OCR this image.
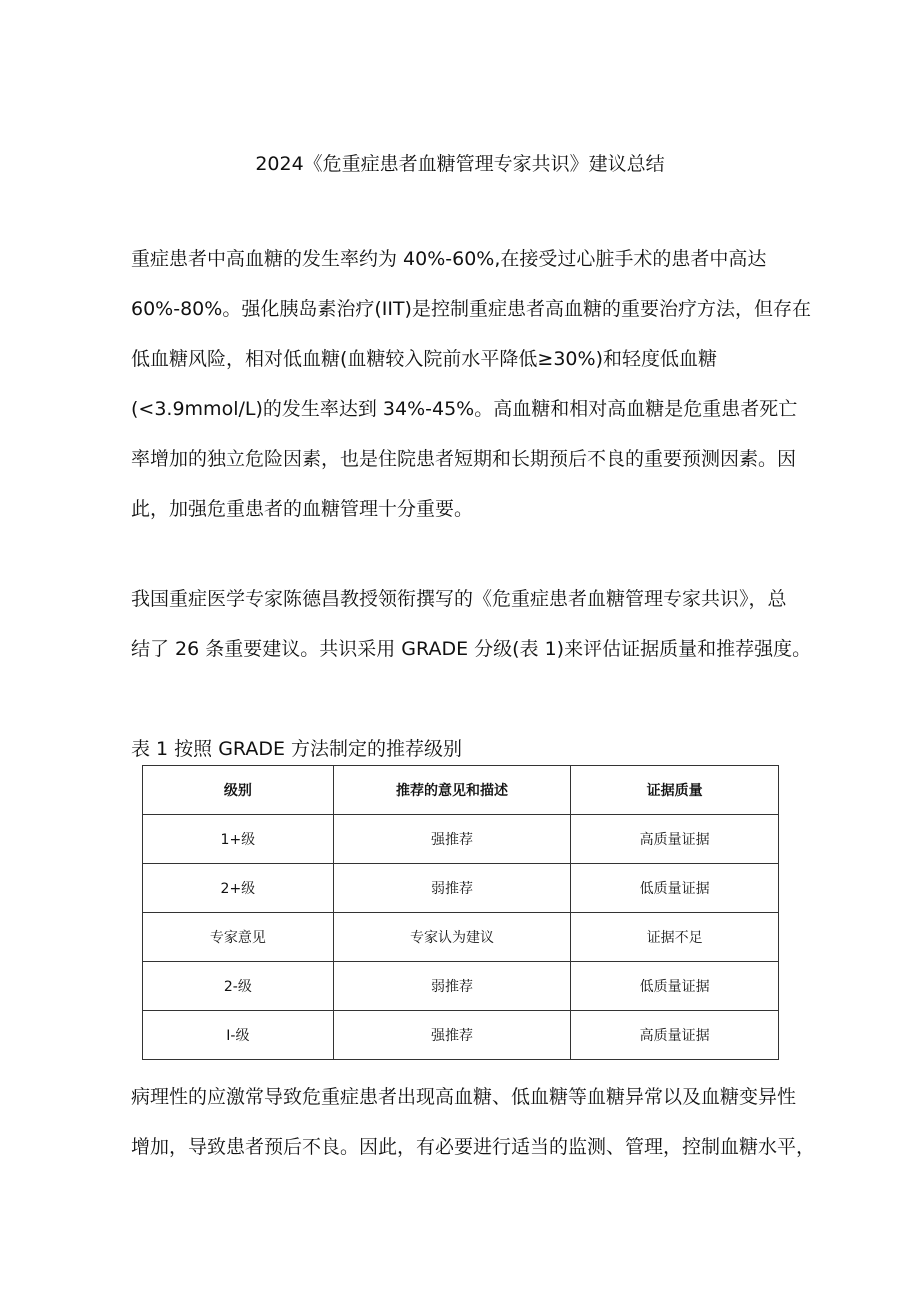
2024《危重症患者血糖管理专家共识》建议总结

重症患者中高血糖的发生率约为 40%-60%,在接受过心脏手术的患者中高达
60%-80%。强化胰岛素治疗(IIT)是控制重症患者高血糖的重要治疗方法，但存在
低血糖风险，相对低血糖(血糖较入院前水平降低≥30%)和轻度低血糖
(<3.9mmol/L)的发生率达到 34%-45%。高血糖和相对高血糖是危重患者死亡
率增加的独立危险因素，也是住院患者短期和长期预后不良的重要预测因素。因
此，加强危重患者的血糖管理十分重要。

我国重症医学专家陈德昌教授领衔撰写的《危重症患者血糖管理专家共识》，总
结了 26 条重要建议。共识采用 GRADE 分级(表 1)来评估证据质量和推荐强度。

表 1 按照 GRADE 方法制定的推荐级别
级别	推荐的意见和描述	证据质量
1+级	强推荐	高质量证据
2+级	弱推荐	低质量证据
专家意见	专家认为建议	证据不足
2-级	弱推荐	低质量证据
I-级	强推荐	高质量证据

病理性的应激常导致危重症患者出现高血糖、低血糖等血糖异常以及血糖变异性
增加，导致患者预后不良。因此，有必要进行适当的监测、管理，控制血糖水平，
